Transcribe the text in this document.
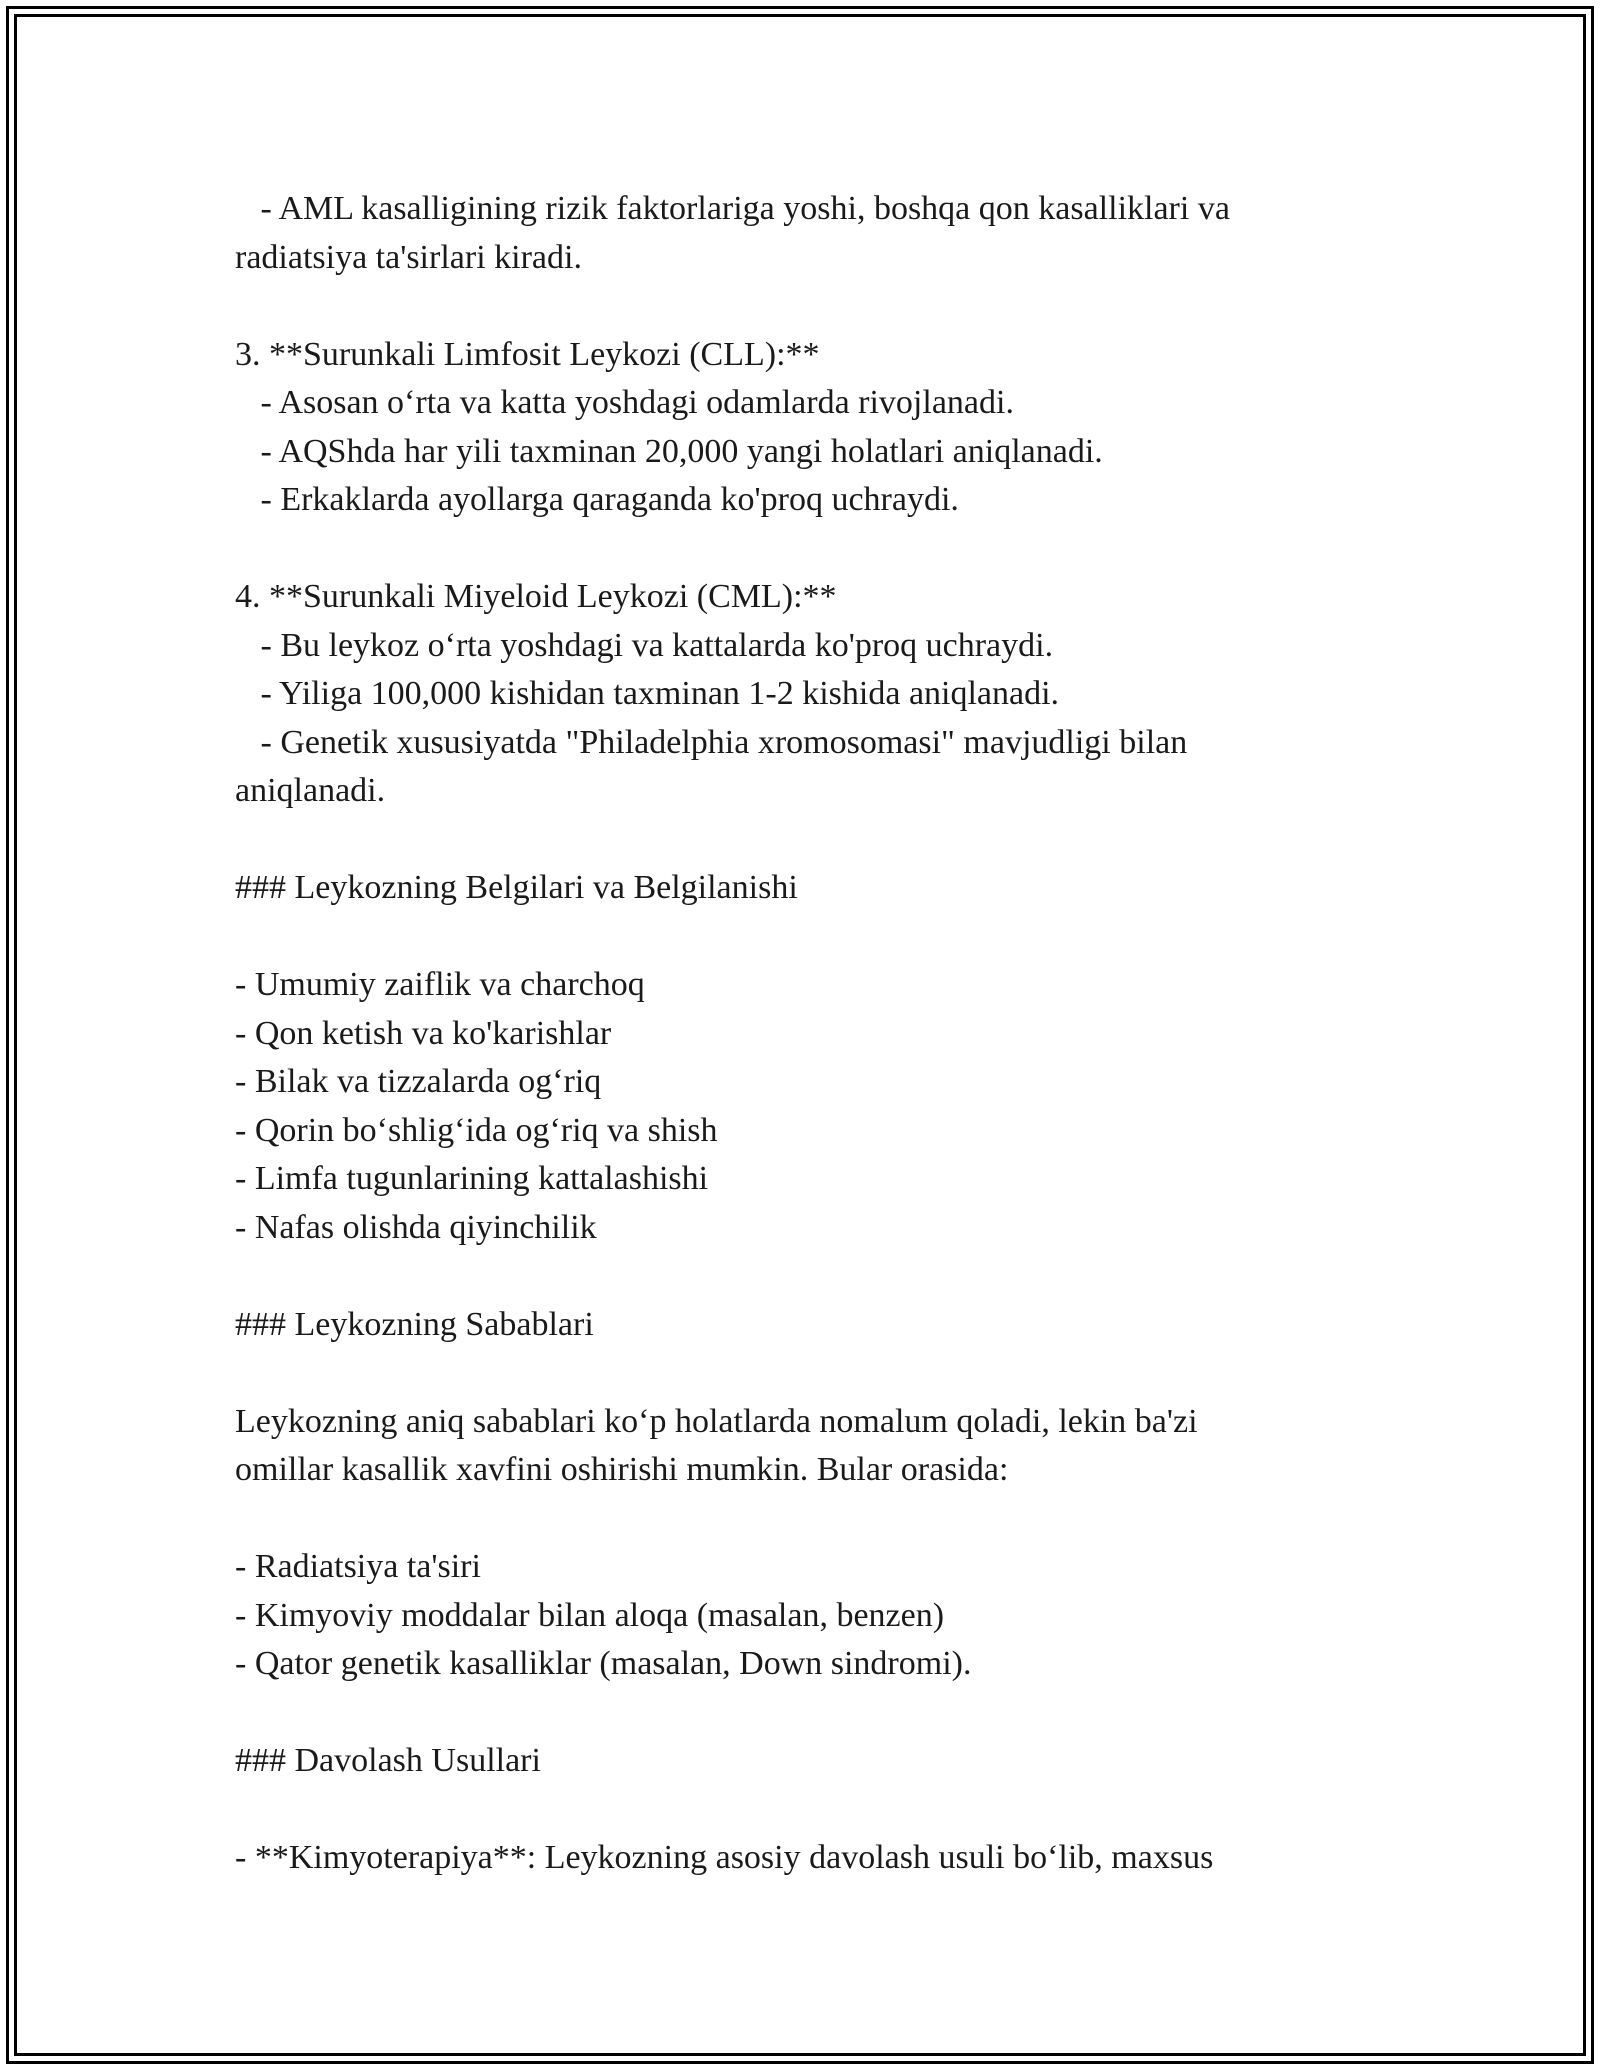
- AML kasalligining rizik faktorlariga yoshi, boshqa qon kasalliklari va
radiatsiya ta'sirlari kiradi.
3. **Surunkali Limfosit Leykozi (CLL):**
- Asosan o‘rta va katta yoshdagi odamlarda rivojlanadi.
- AQShda har yili taxminan 20,000 yangi holatlari aniqlanadi.
- Erkaklarda ayollarga qaraganda ko'proq uchraydi.
4. **Surunkali Miyeloid Leykozi (CML):**
- Bu leykoz o‘rta yoshdagi va kattalarda ko'proq uchraydi.
- Yiliga 100,000 kishidan taxminan 1-2 kishida aniqlanadi.
- Genetik xususiyatda "Philadelphia xromosomasi" mavjudligi bilan
aniqlanadi.
### Leykozning Belgilari va Belgilanishi
- Umumiy zaiflik va charchoq
- Qon ketish va ko'karishlar
- Bilak va tizzalarda og‘riq
- Qorin bo‘shlig‘ida og‘riq va shish
- Limfa tugunlarining kattalashishi
- Nafas olishda qiyinchilik
### Leykozning Sabablari
Leykozning aniq sabablari ko‘p holatlarda nomalum qoladi, lekin ba'zi
omillar kasallik xavfini oshirishi mumkin. Bular orasida:
- Radiatsiya ta'siri
- Kimyoviy moddalar bilan aloqa (masalan, benzen)
- Qator genetik kasalliklar (masalan, Down sindromi).
### Davolash Usullari
- **Kimyoterapiya**: Leykozning asosiy davolash usuli bo‘lib, maxsus
